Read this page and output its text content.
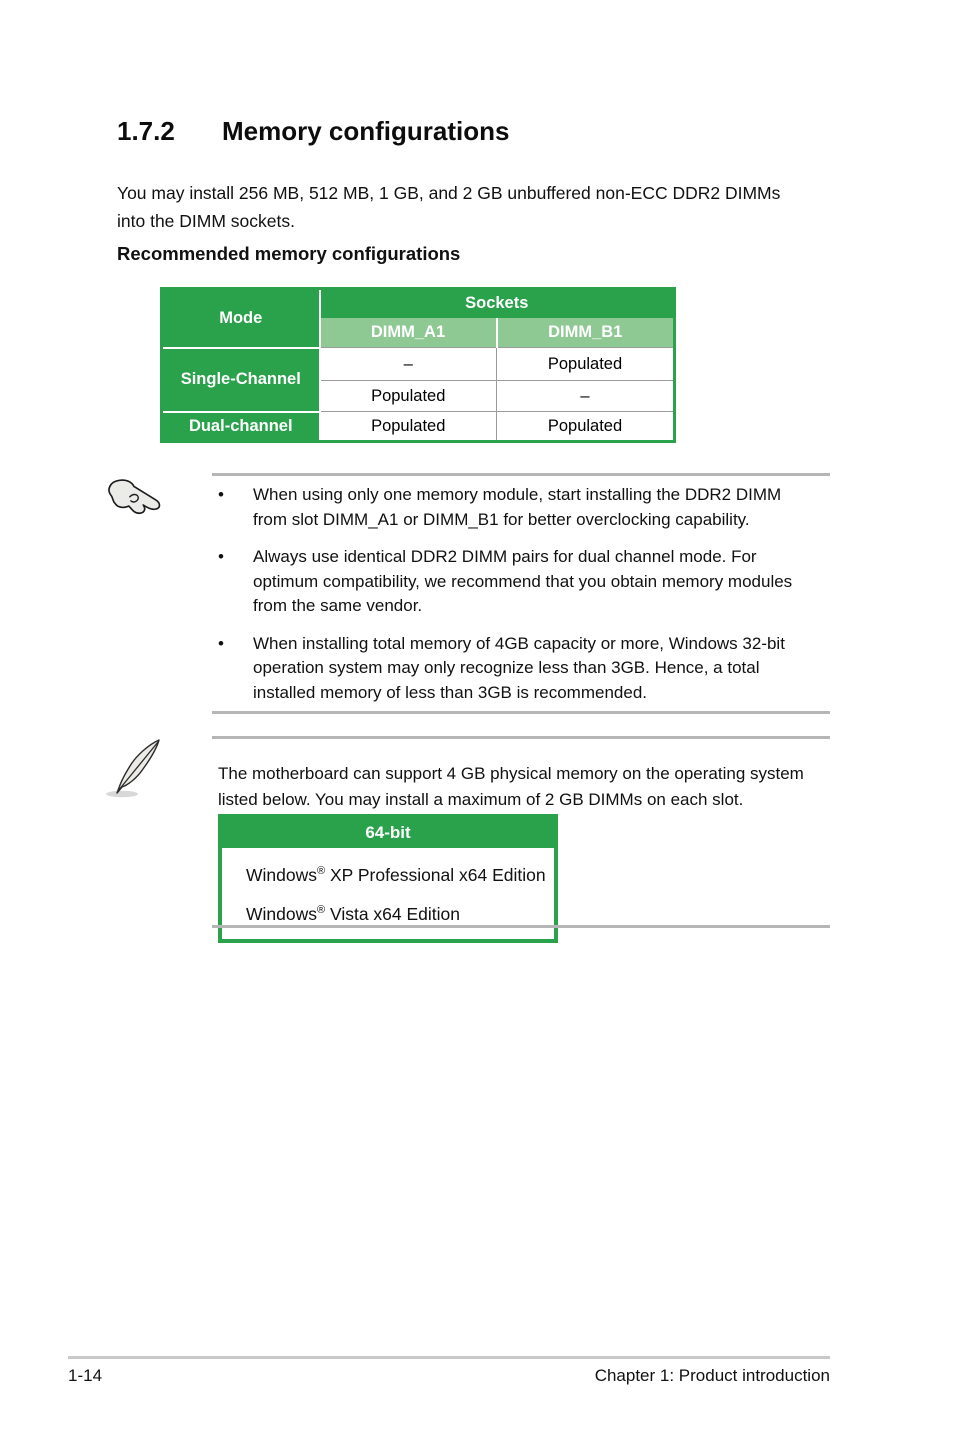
1.7.2	Memory configurations

You may install 256 MB, 512 MB, 1 GB, and 2 GB unbuffered non-ECC DDR2 DIMMs into the DIMM sockets.

Recommended memory configurations
Mode	Sockets	
	DIMM_A1	DIMM_B1
Single-Channel	–	Populated
	Populated	–
Dual-channel	Populated	Populated
•	When using only one memory module, start installing the DDR2 DIMM from slot DIMM_A1 or DIMM_B1 for better overclocking capability.
•	Always use identical DDR2 DIMM pairs for dual channel mode. For optimum compatibility, we recommend that you obtain memory modules from the same vendor.
•	When installing total memory of 4GB capacity or more, Windows 32-bit operation system may only recognize less than 3GB. Hence, a total installed memory of less than 3GB is recommended.

The motherboard can support 4 GB physical memory on the operating system listed below. You may install a maximum of 2 GB DIMMs on each slot.

64-bit
Windows® XP Professional x64 Edition
Windows® Vista x64 Edition
1-14	Chapter 1: Product introduction
